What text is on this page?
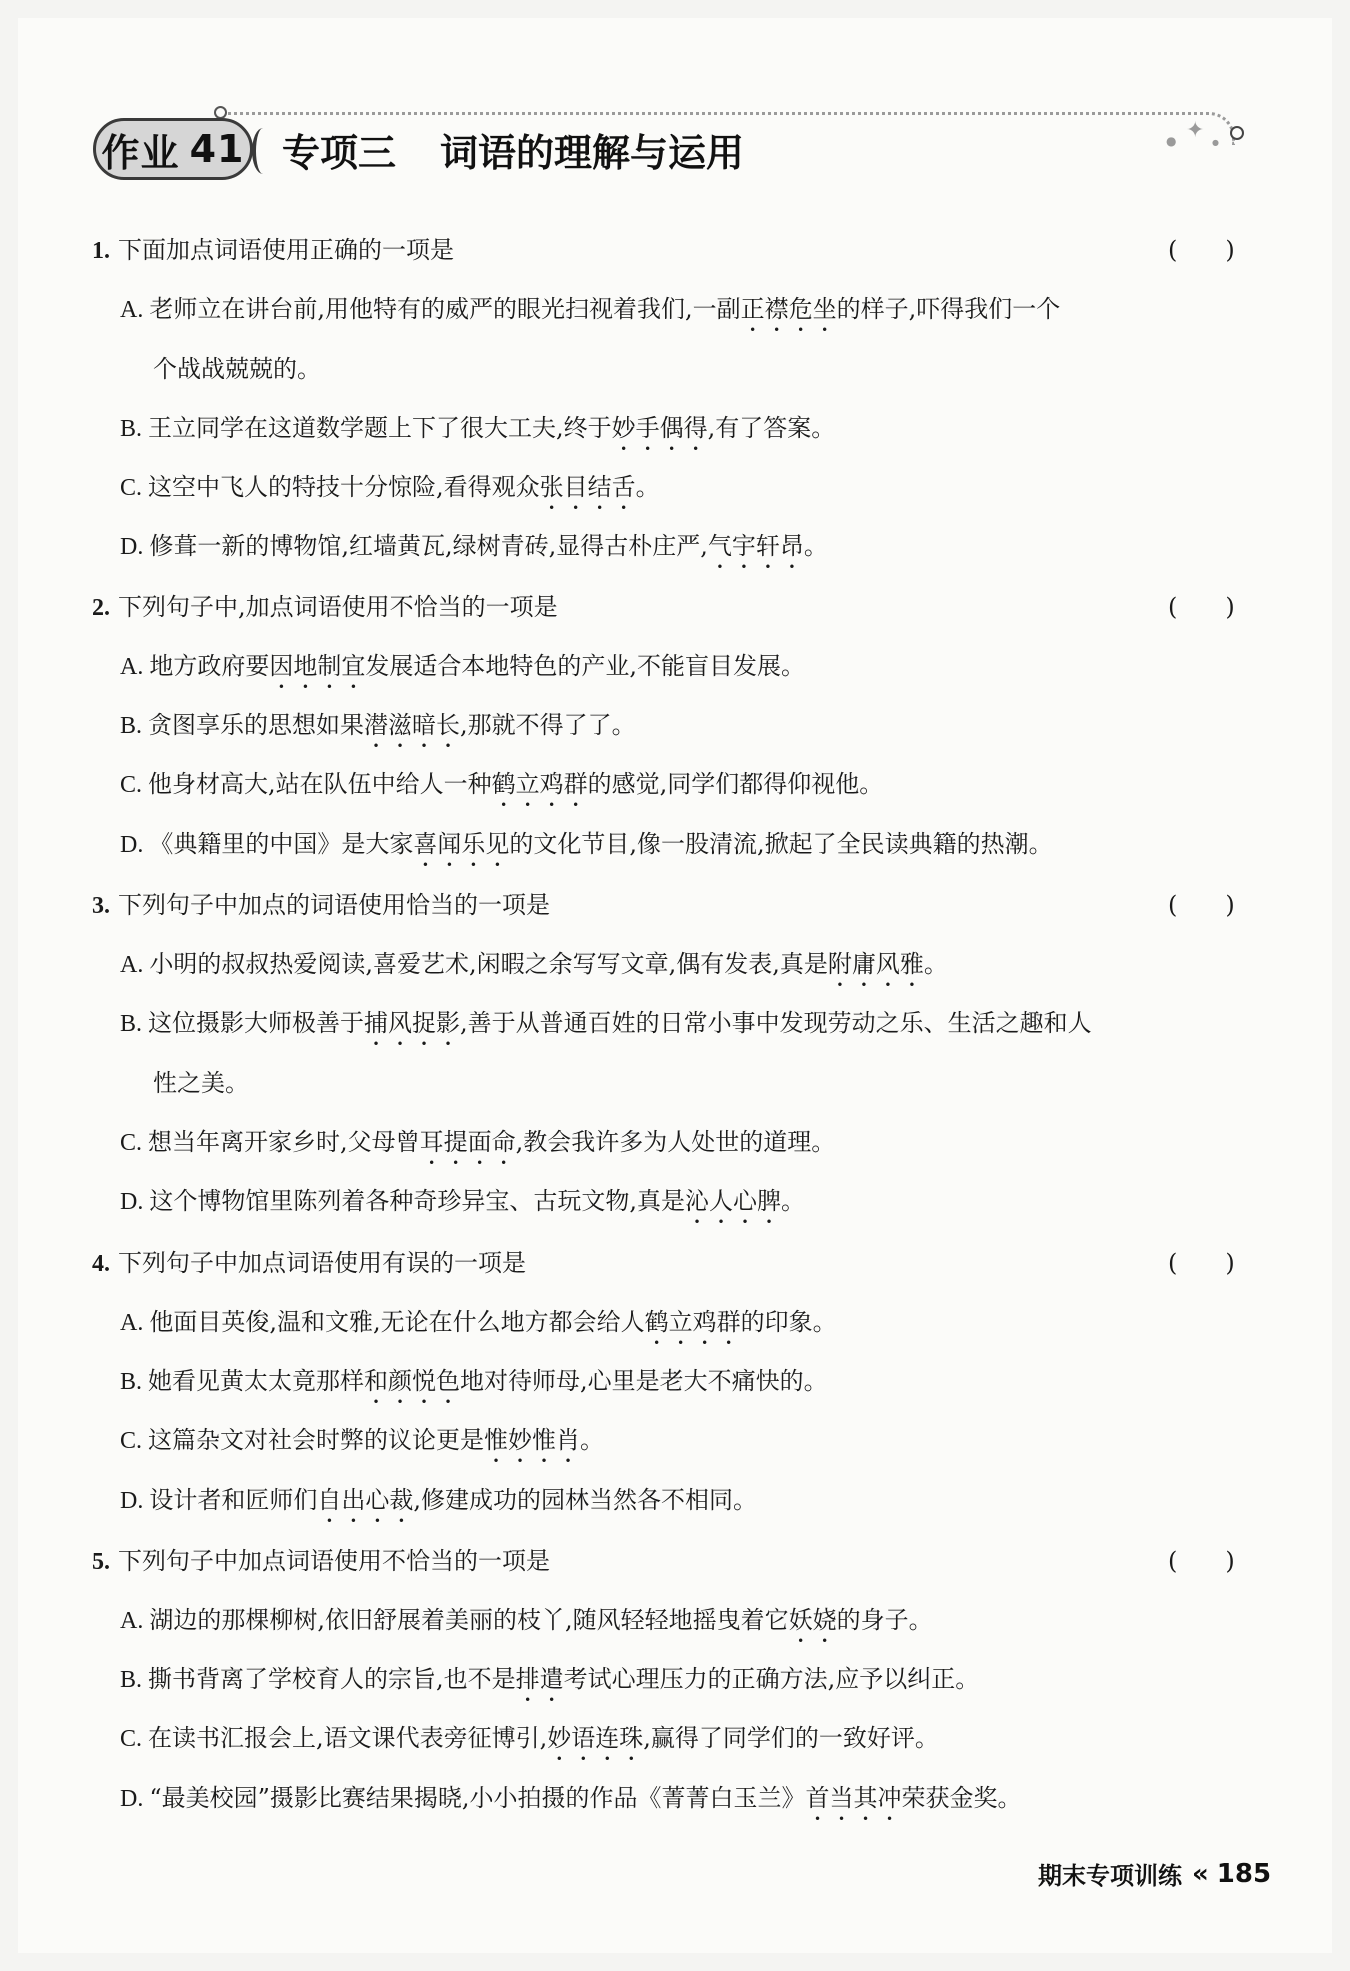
✦
●	●
作业 41 专项三 词语的理解与运用
1. 下面加点词语使用正确的一项是	(　　)
A. 老师立在讲台前,用他特有的威严的眼光扫视着我们,一副正襟危坐的样子,吓得我们一个
个战战兢兢的。
B. 王立同学在这道数学题上下了很大工夫,终于妙手偶得,有了答案。
C. 这空中飞人的特技十分惊险,看得观众张目结舌。
D. 修葺一新的博物馆,红墙黄瓦,绿树青砖,显得古朴庄严,气宇轩昂。
2. 下列句子中,加点词语使用不恰当的一项是	(　　)
A. 地方政府要因地制宜发展适合本地特色的产业,不能盲目发展。
B. 贪图享乐的思想如果潜滋暗长,那就不得了了。
C. 他身材高大,站在队伍中给人一种鹤立鸡群的感觉,同学们都得仰视他。
D. 《典籍里的中国》是大家喜闻乐见的文化节目,像一股清流,掀起了全民读典籍的热潮。
3. 下列句子中加点的词语使用恰当的一项是	(　　)
A. 小明的叔叔热爱阅读,喜爱艺术,闲暇之余写写文章,偶有发表,真是附庸风雅。
B. 这位摄影大师极善于捕风捉影,善于从普通百姓的日常小事中发现劳动之乐、生活之趣和人
性之美。
C. 想当年离开家乡时,父母曾耳提面命,教会我许多为人处世的道理。
D. 这个博物馆里陈列着各种奇珍异宝、古玩文物,真是沁人心脾。
4. 下列句子中加点词语使用有误的一项是	(　　)
A. 他面目英俊,温和文雅,无论在什么地方都会给人鹤立鸡群的印象。
B. 她看见黄太太竟那样和颜悦色地对待师母,心里是老大不痛快的。
C. 这篇杂文对社会时弊的议论更是惟妙惟肖。
D. 设计者和匠师们自出心裁,修建成功的园林当然各不相同。
5. 下列句子中加点词语使用不恰当的一项是	(　　)
A. 湖边的那棵柳树,依旧舒展着美丽的枝丫,随风轻轻地摇曳着它妖娆的身子。
B. 撕书背离了学校育人的宗旨,也不是排遣考试心理压力的正确方法,应予以纠正。
C. 在读书汇报会上,语文课代表旁征博引,妙语连珠,赢得了同学们的一致好评。
D. “最美校园”摄影比赛结果揭晓,小小拍摄的作品《菁菁白玉兰》首当其冲荣获金奖。
期末专项训练 « 185
